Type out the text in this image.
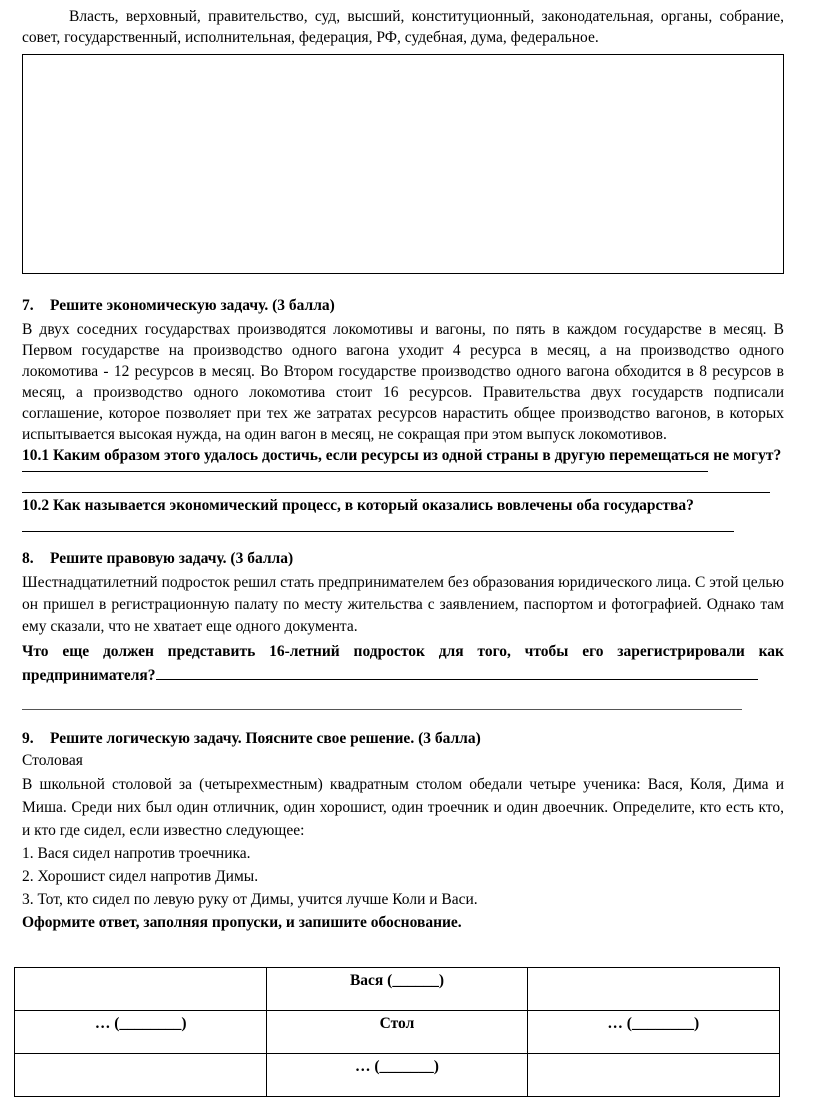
Власть, верховный, правительство, суд, высший, конституционный, законодательная, органы, собрание, совет, государственный, исполнительная, федерация, РФ, судебная, дума, федеральное.

7. Решите экономическую задачу. (3 балла)

В двух соседних государствах производятся локомотивы и вагоны, по пять в каждом государстве в месяц. В Первом государстве на производство одного вагона уходит 4 ресурса в месяц, а на производство одного локомотива - 12 ресурсов в месяц. Во Втором государстве производство одного вагона обходится в 8 ресурсов в месяц, а производство одного локомотива стоит 16 ресурсов. Правительства двух государств подписали соглашение, которое позволяет при тех же затратах ресурсов нарастить общее производство вагонов, в которых испытывается высокая нужда, на один вагон в месяц, не сокращая при этом выпуск локомотивов.

10.1 Каким образом этого удалось достичь, если ресурсы из одной страны в другую перемещаться не могут?

10.2 Как называется экономический процесс, в который оказались вовлечены оба государства?

8. Решите правовую задачу. (3 балла)

Шестнадцатилетний подросток решил стать предпринимателем без образования юридического лица. С этой целью он пришел в регистрационную палату по месту жительства с заявлением, паспортом и фотографией. Однако там ему сказали, что не хватает еще одного документа.

Что еще должен представить 16-летний подросток для того, чтобы его зарегистрировали как предпринимателя?

9. Решите логическую задачу. Поясните свое решение. (3 балла)

Столовая

В школьной столовой за (четырехместным) квадратным столом обедали четыре ученика: Вася, Коля, Дима и Миша. Среди них был один отличник, один хорошист, один троечник и один двоечник. Определите, кто есть кто, и кто где сидел, если известно следующее:

1. Вася сидел напротив троечника.

2. Хорошист сидел напротив Димы.

3. Тот, кто сидел по левую руку от Димы, учится лучше Коли и Васи.

Оформите ответ, заполняя пропуски, и запишите обоснование.

	Вася (______)	
… (________)	Стол	… (________)
	… (_______)	
